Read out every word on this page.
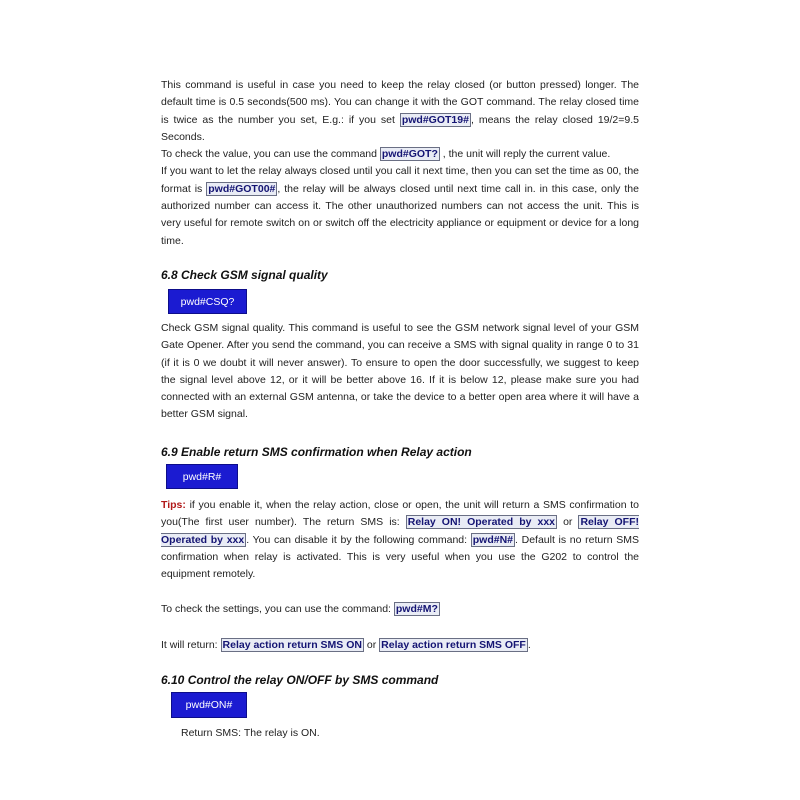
This command is useful in case you need to keep the relay closed (or button pressed) longer. The default time is 0.5 seconds(500 ms). You can change it with the GOT command. The relay closed time is twice as the number you set, E.g.: if you set pwd#GOT19# , means the relay closed 19/2=9.5 Seconds.
To check the value, you can use the command pwd#GOT? , the unit will reply the current value.
If you want to let the relay always closed until you call it next time, then you can set the time as 00, the format is pwd#GOT00# , the relay will be always closed until next time call in. in this case, only the authorized number can access it. The other unauthorized numbers can not access the unit. This is very useful for remote switch on or switch off the electricity appliance or equipment or device for a long time.

6.8 Check GSM signal quality
pwd#CSQ?

Check GSM signal quality. This command is useful to see the GSM network signal level of your GSM Gate Opener. After you send the command, you can receive a SMS with signal quality in range 0 to 31 (if it is 0 we doubt it will never answer). To ensure to open the door successfully, we suggest to keep the signal level above 12, or it will be better above 16. If it is below 12, please make sure you had connected with an external GSM antenna, or take the device to a better open area where it will have a better GSM signal.

6.9 Enable return SMS confirmation when Relay action
pwd#R#

Tips: if you enable it, when the relay action, close or open, the unit will return a SMS confirmation to you(The first user number). The return SMS is: Relay ON! Operated by xxx or Relay OFF! Operated by xxx . You can disable it by the following command: pwd#N# . Default is no return SMS confirmation when relay is activated. This is very useful when you use the G202 to control the equipment remotely.

To check the settings, you can use the command: pwd#M?

It will return: Relay action return SMS ON or Relay action return SMS OFF .

6.10 Control the relay ON/OFF by SMS command
pwd#ON#

Return SMS: The relay is ON.
